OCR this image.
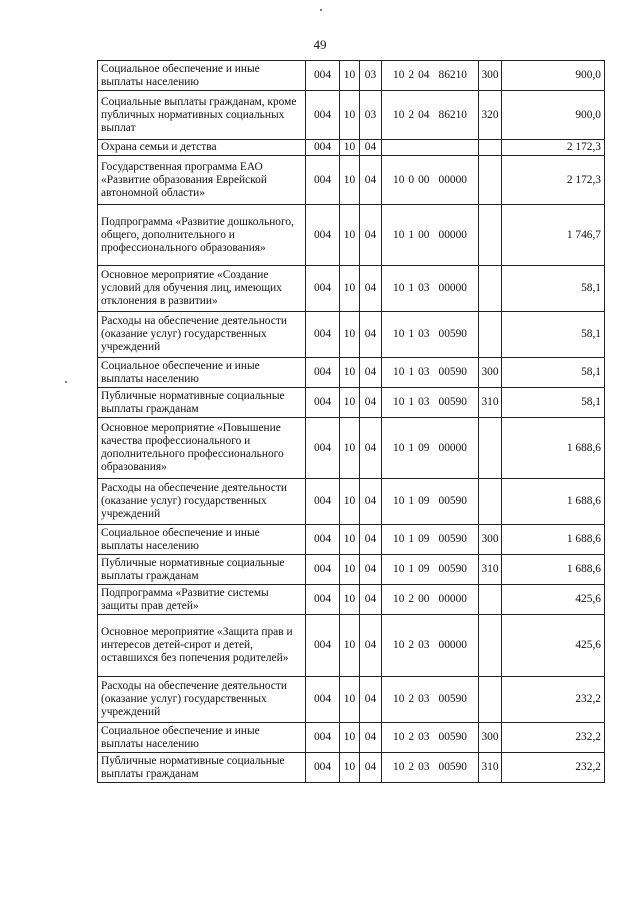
49
Социальное обеспечение и иные выплаты населению	004	10	03	10 2 04 86210	300	900,0
Социальные выплаты гражданам, кроме публичных нормативных социальных выплат	004	10	03	10 2 04 86210	320	900,0
Охрана семьи и детства	004	10	04			2 172,3
Государственная программа ЕАО «Развитие образования Еврейской автономной области»	004	10	04	10 0 00 00000		2 172,3
Подпрограмма «Развитие дошкольного, общего, дополнительного и профессионального образования»	004	10	04	10 1 00 00000		1 746,7
Основное мероприятие «Создание условий для обучения лиц, имеющих отклонения в развитии»	004	10	04	10 1 03 00000		58,1
Расходы на обеспечение деятельности (оказание услуг) государственных учреждений	004	10	04	10 1 03 00590		58,1
Социальное обеспечение и иные выплаты населению	004	10	04	10 1 03 00590	300	58,1
Публичные нормативные социальные выплаты гражданам	004	10	04	10 1 03 00590	310	58,1
Основное мероприятие «Повышение качества профессионального и дополнительного профессионального образования»	004	10	04	10 1 09 00000		1 688,6
Расходы на обеспечение деятельности (оказание услуг) государственных учреждений	004	10	04	10 1 09 00590		1 688,6
Социальное обеспечение и иные выплаты населению	004	10	04	10 1 09 00590	300	1 688,6
Публичные нормативные социальные выплаты гражданам	004	10	04	10 1 09 00590	310	1 688,6
Подпрограмма «Развитие системы защиты прав детей»	004	10	04	10 2 00 00000		425,6
Основное мероприятие «Защита прав и интересов детей-сирот и детей, оставшихся без попечения родителей»	004	10	04	10 2 03 00000		425,6
Расходы на обеспечение деятельности (оказание услуг) государственных учреждений	004	10	04	10 2 03 00590		232,2
Социальное обеспечение и иные выплаты населению	004	10	04	10 2 03 00590	300	232,2
Публичные нормативные социальные выплаты гражданам	004	10	04	10 2 03 00590	310	232,2
